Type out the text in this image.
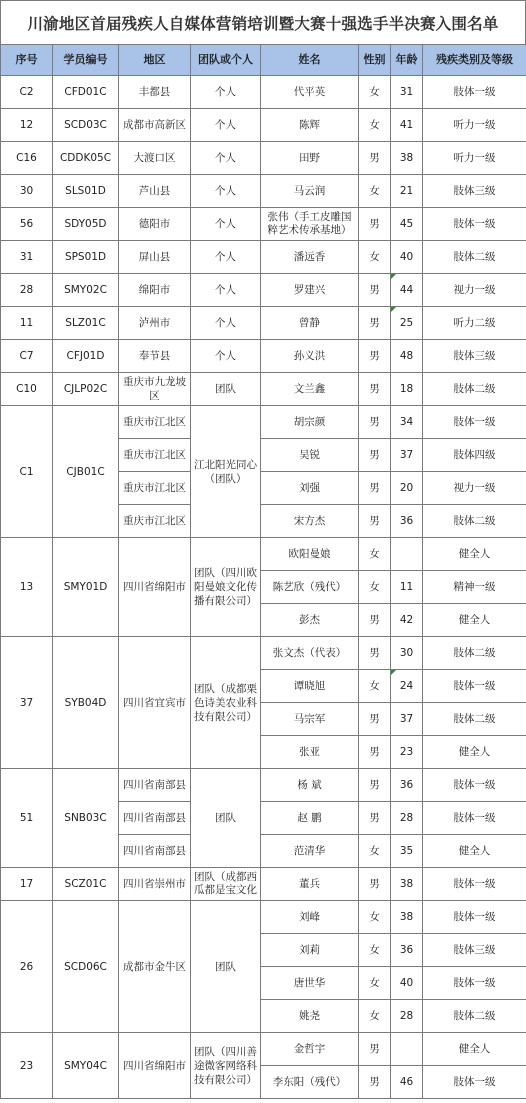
川渝地区首届残疾人自媒体营销培训暨大赛十强选手半决赛入围名单
序号	学员编号	地区	团队或个人	姓名	性别	年龄	残疾类别及等级
C2	CFD01C	丰都县	个人	代平英	女	31	肢体一级
12	SCD03C	成都市高新区	个人	陈辉	女	41	听力一级
C16	CDDK05C	大渡口区	个人	田野	男	38	听力一级
30	SLS01D	芦山县	个人	马云润	女	21	肢体三级
56	SDY05D	德阳市	个人	张伟（手工皮雕国粹艺术传承基地）	男	45	肢体一级
31	SPS01D	屏山县	个人	潘远香	女	40	肢体二级
28	SMY02C	绵阳市	个人	罗建兴	男	44	视力一级
11	SLZ01C	泸州市	个人	曾静	男	25	听力二级
C7	CFJ01D	奉节县	个人	孙义洪	男	48	肢体三级
C10	CJLP02C	重庆市九龙坡区	团队	文兰鑫	男	18	肢体二级
C1	CJB01C	重庆市江北区	江北阳光同心（团队）	胡宗颜	男	34	肢体一级
		重庆市江北区		吴锐	男	37	肢体四级
		重庆市江北区		刘强	男	20	视力一级
		重庆市江北区		宋方杰	男	36	肢体二级
13	SMY01D	四川省绵阳市	团队（四川欧阳曼娘文化传播有限公司）	欧阳曼娘	女		健全人
				陈艺欣（残代）	女	11	精神一级
				彭杰	男	42	健全人
37	SYB04D	四川省宜宾市	团队（成都栗色诗美农业科技有限公司）	张文杰（代表）	男	30	肢体二级
				谭晓旭	女	24	肢体一级
				马宗军	男	37	肢体二级
				张亚	男	23	健全人
51	SNB03C	四川省南部县	团队	杨 斌	男	36	肢体一级
		四川省南部县		赵 鹏	男	28	肢体一级
		四川省南部县		范清华	女	35	健全人
17	SCZ01C	四川省崇州市	团队（成都西瓜都是宝文化	董兵	男	38	肢体一级
26	SCD06C	成都市金牛区	团队	刘峰	女	38	肢体一级
				刘莉	女	36	肢体三级
				唐世华	女	40	肢体一级
				姚尧	女	28	肢体二级
23	SMY04C	四川省绵阳市	团队（四川善途微客网络科技有限公司）	金哲宇	男		健全人
				李东阳（残代）	男	46	肢体一级
